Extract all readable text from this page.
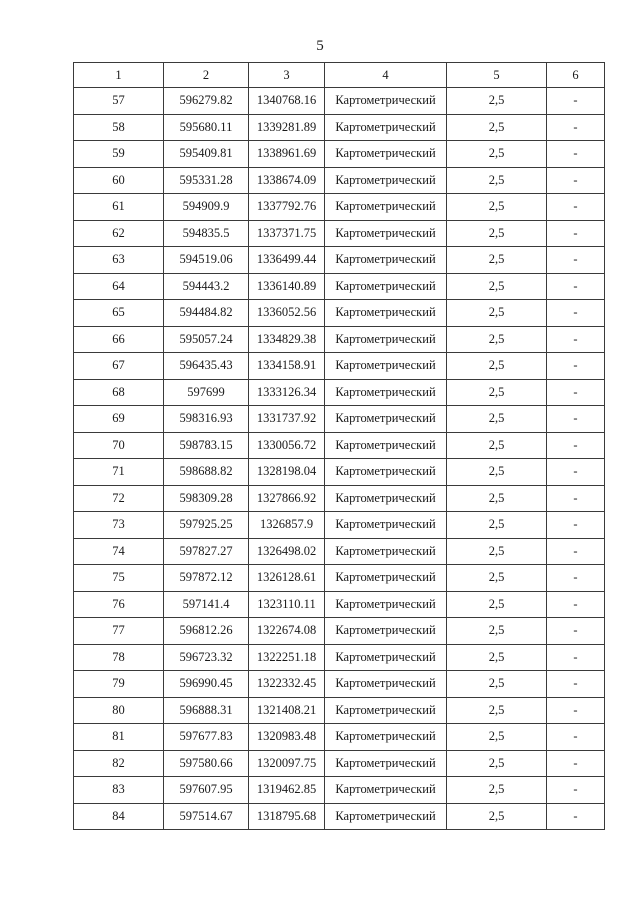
5
1	2	3	4	5	6
57	596279.82	1340768.16	Картометрический	2,5	-
58	595680.11	1339281.89	Картометрический	2,5	-
59	595409.81	1338961.69	Картометрический	2,5	-
60	595331.28	1338674.09	Картометрический	2,5	-
61	594909.9	1337792.76	Картометрический	2,5	-
62	594835.5	1337371.75	Картометрический	2,5	-
63	594519.06	1336499.44	Картометрический	2,5	-
64	594443.2	1336140.89	Картометрический	2,5	-
65	594484.82	1336052.56	Картометрический	2,5	-
66	595057.24	1334829.38	Картометрический	2,5	-
67	596435.43	1334158.91	Картометрический	2,5	-
68	597699	1333126.34	Картометрический	2,5	-
69	598316.93	1331737.92	Картометрический	2,5	-
70	598783.15	1330056.72	Картометрический	2,5	-
71	598688.82	1328198.04	Картометрический	2,5	-
72	598309.28	1327866.92	Картометрический	2,5	-
73	597925.25	1326857.9	Картометрический	2,5	-
74	597827.27	1326498.02	Картометрический	2,5	-
75	597872.12	1326128.61	Картометрический	2,5	-
76	597141.4	1323110.11	Картометрический	2,5	-
77	596812.26	1322674.08	Картометрический	2,5	-
78	596723.32	1322251.18	Картометрический	2,5	-
79	596990.45	1322332.45	Картометрический	2,5	-
80	596888.31	1321408.21	Картометрический	2,5	-
81	597677.83	1320983.48	Картометрический	2,5	-
82	597580.66	1320097.75	Картометрический	2,5	-
83	597607.95	1319462.85	Картометрический	2,5	-
84	597514.67	1318795.68	Картометрический	2,5	-
